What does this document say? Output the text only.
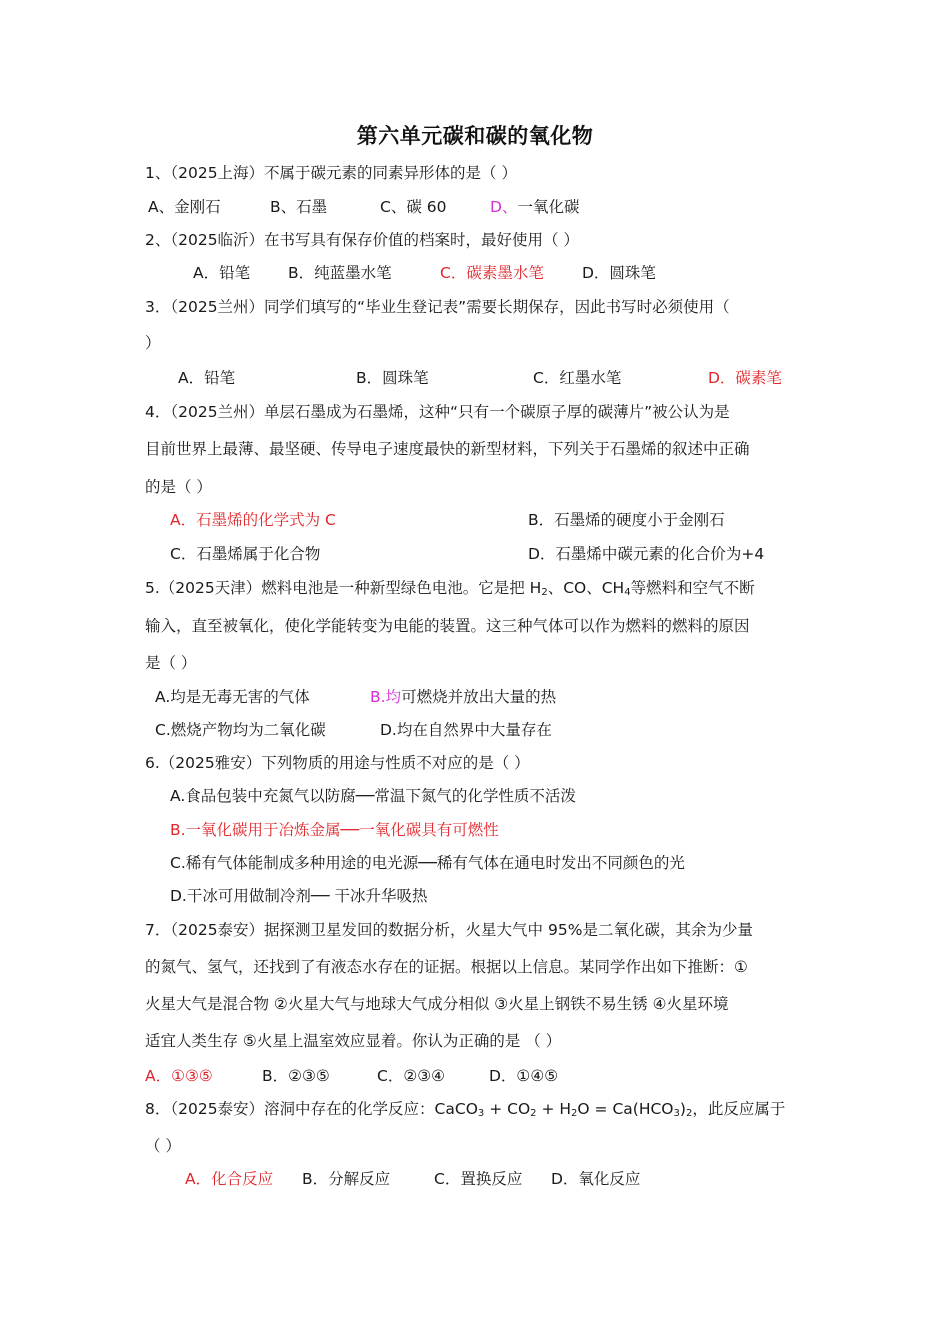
第六单元碳和碳的氧化物
1、（2025上海）不属于碳元素的同素异形体的是（ ）
A、金刚石	B、石墨	C、碳 60	D、一氧化碳
2、（2025临沂）在书写具有保存价值的档案时，最好使用（ ）
A．铅笔 B．纯蓝墨水笔	C．碳素墨水笔 D．圆珠笔
3．（2025兰州）同学们填写的“毕业生登记表”需要长期保存，因此书写时必须使用（
）
A．铅笔	B．圆珠笔	C．红墨水笔	D．碳素笔
4．（2025兰州）单层石墨成为石墨烯，这种“只有一个碳原子厚的碳薄片”被公认为是
目前世界上最薄、最坚硬、传导电子速度最快的新型材料，下列关于石墨烯的叙述中正确
的是（ ）
A．石墨烯的化学式为 C	B．石墨烯的硬度小于金刚石
C．石墨烯属于化合物	D．石墨烯中碳元素的化合价为+4
5.（2025天津）燃料电池是一种新型绿色电池。它是把 $H_2$、CO、$CH_4$等燃料和空气不断
输入，直至被氧化，使化学能转变为电能的装置。这三种气体可以作为燃料的燃料的原因
是（ ）
A.均是无毒无害的气体	B.均可燃烧并放出大量的热
C.燃烧产物均为二氧化碳	D.均在自然界中大量存在
6.（2025雅安）下列物质的用途与性质不对应的是（ ）
A.食品包装中充氮气以防腐──常温下氮气的化学性质不活泼
B.一氧化碳用于冶炼金属──一氧化碳具有可燃性
C.稀有气体能制成多种用途的电光源──稀有气体在通电时发出不同颜色的光
D.干冰可用做制冷剂── 干冰升华吸热
7．（2025泰安）据探测卫星发回的数据分析，火星大气中 95%是二氧化碳，其余为少量
的氮气、氢气，还找到了有液态水存在的证据。根据以上信息。某同学作出如下推断：①
火星大气是混合物 ②火星大气与地球大气成分相似 ③火星上钢铁不易生锈 ④火星环境
适宜人类生存 ⑤火星上温室效应显着。你认为正确的是 （ ）
A．①③⑤	B．②③⑤	C．②③④	D．①④⑤
8．（2025泰安）溶洞中存在的化学反应：CaCO$_3$ + $CO_2 + H_2O = Ca(HCO_3)_2$，此反应属于
（ ）
A．化合反应 B．分解反应	C．置换反应 D．氧化反应
